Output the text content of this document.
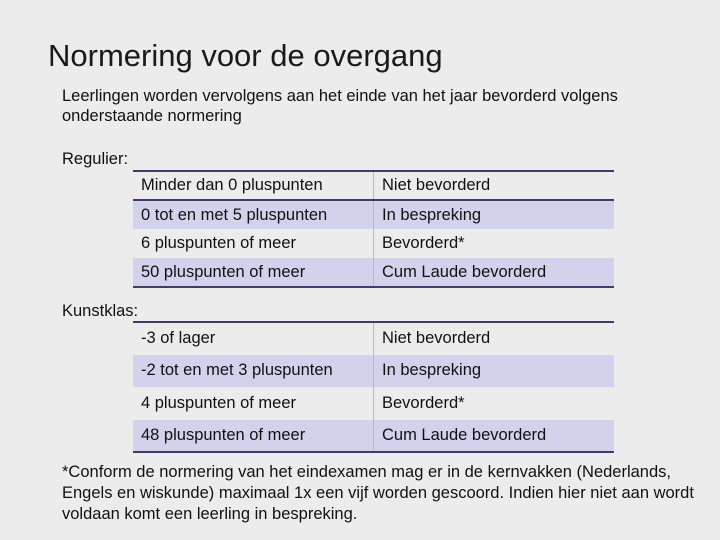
Normering voor de overgang
Leerlingen worden vervolgens aan het einde van het jaar bevorderd volgens onderstaande normering
Regulier:
Minder dan 0 pluspunten	Niet bevorderd
0 tot en met 5 pluspunten	In bespreking
6 pluspunten of meer	Bevorderd*
50 pluspunten of meer	Cum Laude bevorderd
Kunstklas:
-3 of lager	Niet bevorderd
-2 tot en met 3 pluspunten	In bespreking
4 pluspunten of meer	Bevorderd*
48 pluspunten of meer	Cum Laude bevorderd
*Conform de normering van het eindexamen mag er in de kernvakken (Nederlands, Engels en wiskunde) maximaal 1x een vijf worden gescoord. Indien hier niet aan wordt voldaan komt een leerling in bespreking.
